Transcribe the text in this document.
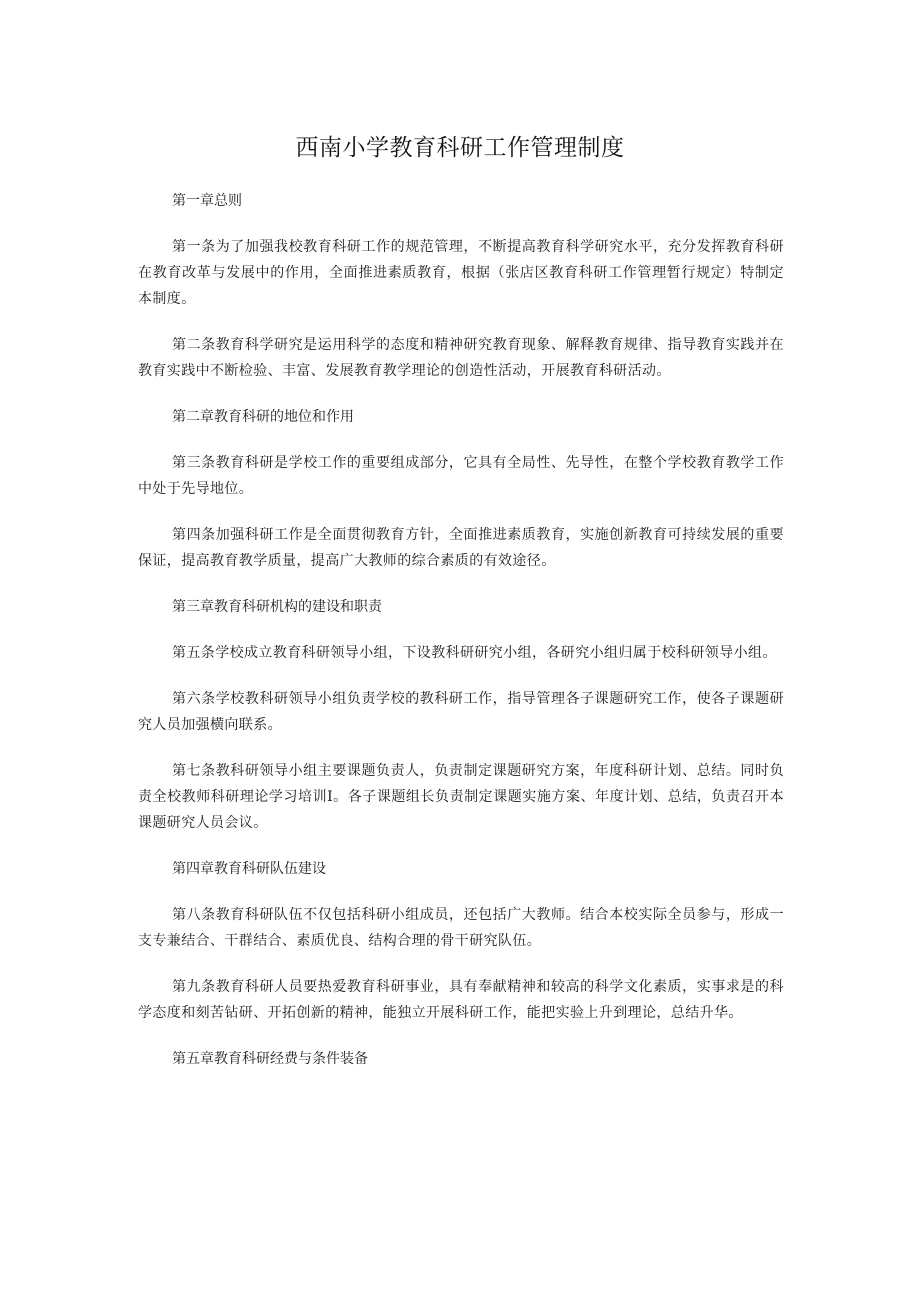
西南小学教育科研工作管理制度

第一章总则

第一条为了加强我校教育科研工作的规范管理，不断提高教育科学研究水平，充分发挥教育科研在教育改革与发展中的作用，全面推进素质教育，根据（张店区教育科研工作管理暂行规定）特制定本制度。

第二条教育科学研究是运用科学的态度和精神研究教育现象、解释教育规律、指导教育实践并在教育实践中不断检验、丰富、发展教育教学理论的创造性活动，开展教育科研活动。

第二章教育科研的地位和作用

第三条教育科研是学校工作的重要组成部分，它具有全局性、先导性，在整个学校教育教学工作中处于先导地位。

第四条加强科研工作是全面贯彻教育方针，全面推进素质教育，实施创新教育可持续发展的重要保证，提高教育教学质量，提高广大教师的综合素质的有效途径。

第三章教育科研机构的建设和职责

第五条学校成立教育科研领导小组，下设教科研研究小组，各研究小组归属于校科研领导小组。

第六条学校教科研领导小组负责学校的教科研工作，指导管理各子课题研究工作，使各子课题研究人员加强横向联系。

第七条教科研领导小组主要课题负责人，负责制定课题研究方案，年度科研计划、总结。同时负责全校教师科研理论学习培训Ⅰ。各子课题组长负责制定课题实施方案、年度计划、总结，负责召开本课题研究人员会议。

第四章教育科研队伍建设

第八条教育科研队伍不仅包括科研小组成员，还包括广大教师。结合本校实际全员参与，形成一支专兼结合、干群结合、素质优良、结构合理的骨干研究队伍。

第九条教育科研人员要热爱教育科研事业，具有奉献精神和较高的科学文化素质，实事求是的科学态度和刻苦钻研、开拓创新的精神，能独立开展科研工作，能把实验上升到理论，总结升华。

第五章教育科研经费与条件装备
